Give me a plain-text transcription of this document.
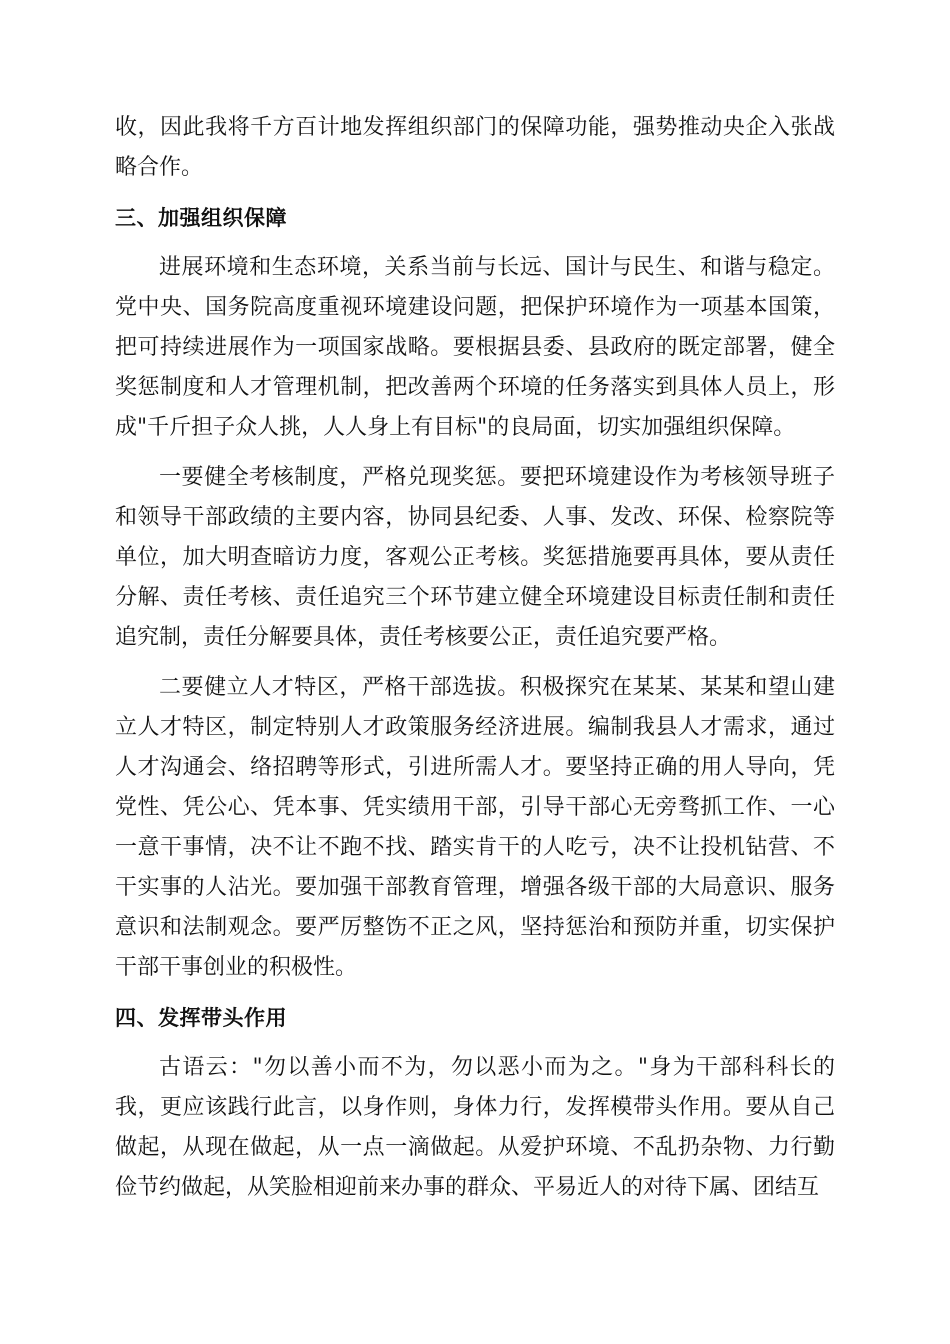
收，因此我将千方百计地发挥组织部门的保障功能，强势推动央企入张战略合作。

三、加强组织保障

进展环境和生态环境，关系当前与长远、国计与民生、和谐与稳定。党中央、国务院高度重视环境建设问题，把保护环境作为一项基本国策，把可持续进展作为一项国家战略。要根据县委、县政府的既定部署，健全奖惩制度和人才管理机制，把改善两个环境的任务落实到具体人员上，形成"千斤担子众人挑，人人身上有目标"的良局面，切实加强组织保障。

一要健全考核制度，严格兑现奖惩。要把环境建设作为考核领导班子和领导干部政绩的主要内容，协同县纪委、人事、发改、环保、检察院等单位，加大明查暗访力度，客观公正考核。奖惩措施要再具体，要从责任分解、责任考核、责任追究三个环节建立健全环境建设目标责任制和责任追究制，责任分解要具体，责任考核要公正，责任追究要严格。

二要健立人才特区，严格干部选拔。积极探究在某某、某某和望山建立人才特区，制定特别人才政策服务经济进展。编制我县人才需求，通过人才沟通会、络招聘等形式，引进所需人才。要坚持正确的用人导向，凭党性、凭公心、凭本事、凭实绩用干部，引导干部心无旁骛抓工作、一心一意干事情，决不让不跑不找、踏实肯干的人吃亏，决不让投机钻营、不干实事的人沾光。要加强干部教育管理，增强各级干部的大局意识、服务意识和法制观念。要严厉整饬不正之风，坚持惩治和预防并重，切实保护干部干事创业的积极性。

四、发挥带头作用

古语云："勿以善小而不为，勿以恶小而为之。"身为干部科科长的我，更应该践行此言，以身作则，身体力行，发挥模带头作用。要从自己做起，从现在做起，从一点一滴做起。从爱护环境、不乱扔杂物、力行勤俭节约做起，从笑脸相迎前来办事的群众、平易近人的对待下属、团结互
